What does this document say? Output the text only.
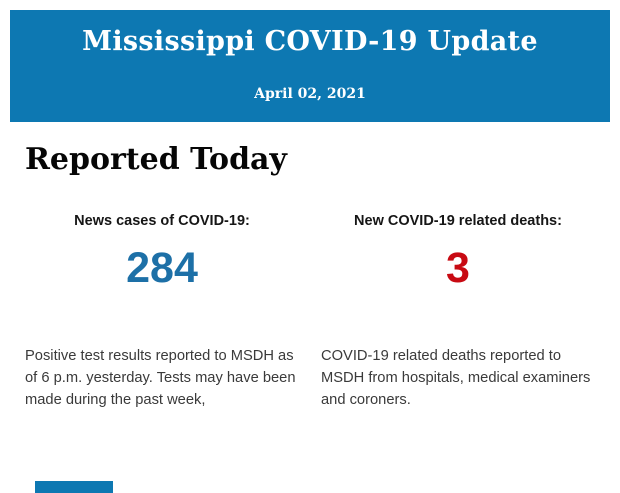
Mississippi COVID-19 Update
April 02, 2021
Reported Today
News cases of COVID-19:
284

Positive test results reported to MSDH as of 6 p.m. yesterday. Tests may have been made during the past week,

New COVID-19 related deaths:
3

COVID-19 related deaths reported to MSDH from hospitals, medical examiners and coroners.
